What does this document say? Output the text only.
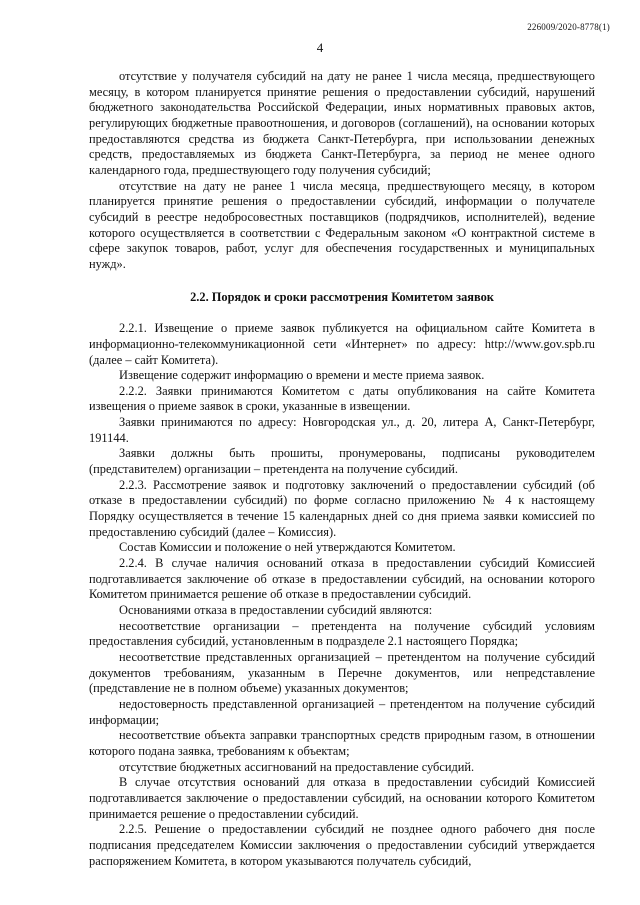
226009/2020-8778(1)
4

отсутствие у получателя субсидий на дату не ранее 1 числа месяца, предшествующего месяцу, в котором планируется принятие решения о предоставлении субсидий, нарушений бюджетного законодательства Российской Федерации, иных нормативных правовых актов, регулирующих бюджетные правоотношения, и договоров (соглашений), на основании которых предоставляются средства из бюджета Санкт-Петербурга, при использовании денежных средств, предоставляемых из бюджета Санкт-Петербурга, за период не менее одного календарного года, предшествующего году получения субсидий;

отсутствие на дату не ранее 1 числа месяца, предшествующего месяцу, в котором планируется принятие решения о предоставлении субсидий, информации о получателе субсидий в реестре недобросовестных поставщиков (подрядчиков, исполнителей), ведение которого осуществляется в соответствии с Федеральным законом «О контрактной системе в сфере закупок товаров, работ, услуг для обеспечения государственных и муниципальных нужд».

2.2. Порядок и сроки рассмотрения Комитетом заявок

2.2.1. Извещение о приеме заявок публикуется на официальном сайте Комитета в информационно-телекоммуникационной сети «Интернет» по адресу: http://www.gov.spb.ru (далее – сайт Комитета).

Извещение содержит информацию о времени и месте приема заявок.

2.2.2. Заявки принимаются Комитетом с даты опубликования на сайте Комитета извещения о приеме заявок в сроки, указанные в извещении.

Заявки принимаются по адресу: Новгородская ул., д. 20, литера А, Санкт-Петербург, 191144.

Заявки должны быть прошиты, пронумерованы, подписаны руководителем (представителем) организации – претендента на получение субсидий.

2.2.3. Рассмотрение заявок и подготовку заключений о предоставлении субсидий (об отказе в предоставлении субсидий) по форме согласно приложению № 4 к настоящему Порядку осуществляется в течение 15 календарных дней со дня приема заявки комиссией по предоставлению субсидий (далее – Комиссия).

Состав Комиссии и положение о ней утверждаются Комитетом.

2.2.4. В случае наличия оснований отказа в предоставлении субсидий Комиссией подготавливается заключение об отказе в предоставлении субсидий, на основании которого Комитетом принимается решение об отказе в предоставлении субсидий.

Основаниями отказа в предоставлении субсидий являются:

несоответствие организации – претендента на получение субсидий условиям предоставления субсидий, установленным в подразделе 2.1 настоящего Порядка;

несоответствие представленных организацией – претендентом на получение субсидий документов требованиям, указанным в Перечне документов, или непредставление (представление не в полном объеме) указанных документов;

недостоверность представленной организацией – претендентом на получение субсидий информации;

несоответствие объекта заправки транспортных средств природным газом, в отношении которого подана заявка, требованиям к объектам;

отсутствие бюджетных ассигнований на предоставление субсидий.

В случае отсутствия оснований для отказа в предоставлении субсидий Комиссией подготавливается заключение о предоставлении субсидий, на основании которого Комитетом принимается решение о предоставлении субсидий.

2.2.5. Решение о предоставлении субсидий не позднее одного рабочего дня после подписания председателем Комиссии заключения о предоставлении субсидий утверждается распоряжением Комитета, в котором указываются получатель субсидий,
